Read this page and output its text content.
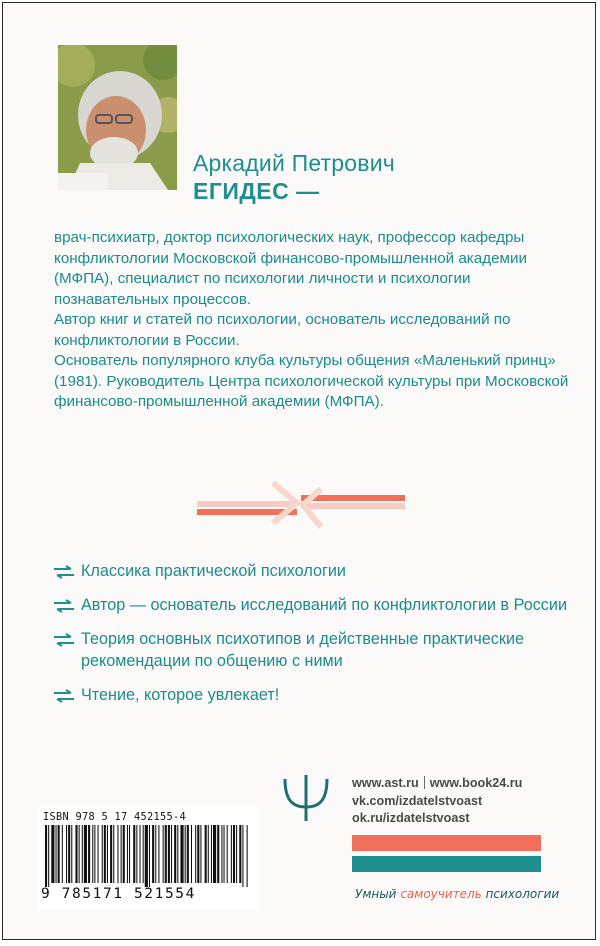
Аркадий Петрович
ЕГИДЕС —

врач-психиатр, доктор психологических наук, профессор кафедры конфликтологии Московской финансово-промышленной академии (МФПА), специалист по психологии личности и психологии познавательных процессов.

Автор книг и статей по психологии, основатель исследований по конфликтологии в России.

Основатель популярного клуба культуры общения «Маленький принц» (1981). Руководитель Центра психологической культуры при Московской финансово-промышленной академии (МФПА).

Классика практической психологии
Автор — основатель исследований по конфликтологии в России
Теория основных психотипов и действенные практические рекомендации по общению с ними
Чтение, которое увлекает!
www.ast.ru www.book24.ru
vk.com/izdatelstvoast
ok.ru/izdatelstvoast
Умный самоучитель психологии
ISBN 978 5 17 452155-4
9 785171 521554
